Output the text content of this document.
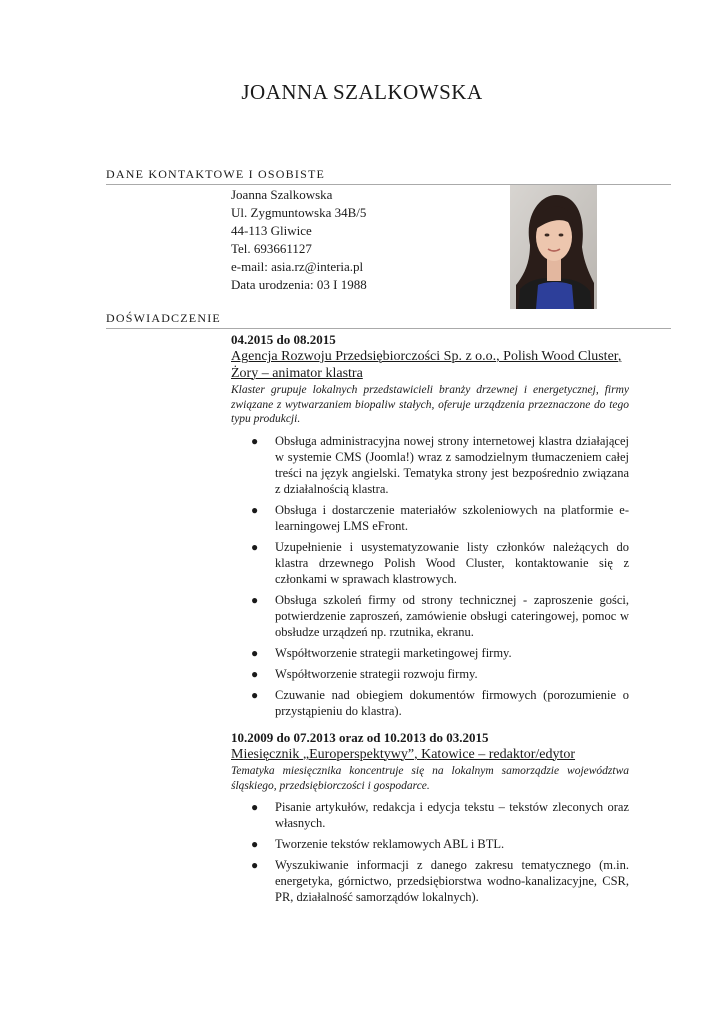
JOANNA SZALKOWSKA
DANE KONTAKTOWE I OSOBISTE
Joanna Szalkowska
Ul. Zygmuntowska 34B/5
44-113 Gliwice
Tel. 693661127
e-mail: asia.rz@interia.pl
Data urodzenia: 03 I 1988
DOŚWIADCZENIE
04.2015 do 08.2015
Agencja Rozwoju Przedsiębiorczości Sp. z o.o., Polish Wood Cluster, Żory – animator klastra
Klaster grupuje lokalnych przedstawicieli branży drzewnej i energetycznej, firmy związane z wytwarzaniem biopaliw stałych, oferuje urządzenia przeznaczone do tego typu produkcji.
● Obsługa administracyjna nowej strony internetowej klastra działającej w systemie CMS (Joomla!) wraz z samodzielnym tłumaczeniem całej treści na język angielski. Tematyka strony jest bezpośrednio związana z działalnością klastra.
● Obsługa i dostarczenie materiałów szkoleniowych na platformie e-learningowej LMS eFront.
● Uzupełnienie i usystematyzowanie listy członków należących do klastra drzewnego Polish Wood Cluster, kontaktowanie się z członkami w sprawach klastrowych.
● Obsługa szkoleń firmy od strony technicznej - zaproszenie gości, potwierdzenie zaproszeń, zamówienie obsługi cateringowej, pomoc w obsłudze urządzeń np. rzutnika, ekranu.
● Współtworzenie strategii marketingowej firmy.
● Współtworzenie strategii rozwoju firmy.
● Czuwanie nad obiegiem dokumentów firmowych (porozumienie o przystąpieniu do klastra).
10.2009 do 07.2013 oraz od 10.2013 do 03.2015
Miesięcznik „Europerspektywy”, Katowice – redaktor/edytor
Tematyka miesięcznika koncentruje się na lokalnym samorządzie województwa śląskiego, przedsiębiorczości i gospodarce.
● Pisanie artykułów, redakcja i edycja tekstu – tekstów zleconych oraz własnych.
● Tworzenie tekstów reklamowych ABL i BTL.
● Wyszukiwanie informacji z danego zakresu tematycznego (m.in. energetyka, górnictwo, przedsiębiorstwa wodno-kanalizacyjne, CSR, PR, działalność samorządów lokalnych).
